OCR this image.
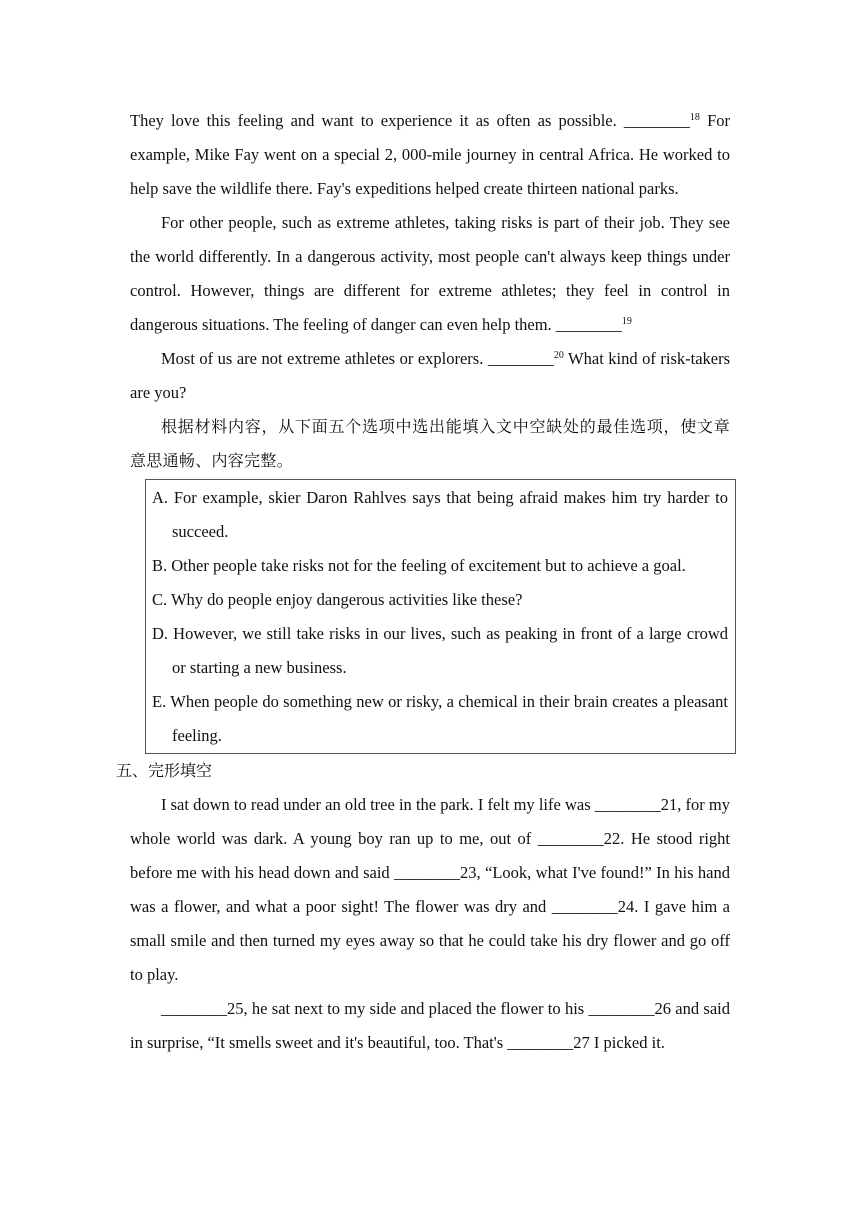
They love this feeling and want to experience it as often as possible. ________$^{18}$ For example, Mike Fay went on a special 2, 000-mile journey in central Africa. He worked to help save the wildlife there. Fay's expeditions helped create thirteen national parks.

For other people, such as extreme athletes, taking risks is part of their job. They see the world differently. In a dangerous activity, most people can't always keep things under control. However, things are different for extreme athletes; they feel in control in dangerous situations. The feeling of danger can even help them. ________$^{19}$

Most of us are not extreme athletes or explorers. ________$^{20}$ What kind of risk-takers are you?

根据材料内容，从下面五个选项中选出能填入文中空缺处的最佳选项，使文章意思通畅、内容完整。

A. For example, skier Daron Rahlves says that being afraid makes him try harder to succeed.
B. Other people take risks not for the feeling of excitement but to achieve a goal.
C. Why do people enjoy dangerous activities like these?
D. However, we still take risks in our lives, such as peaking in front of a large crowd or starting a new business.
E. When people do something new or risky, a chemical in their brain creates a pleasant feeling.

五、完形填空

I sat down to read under an old tree in the park. I felt my life was ________21, for my whole world was dark. A young boy ran up to me, out of ________22. He stood right before me with his head down and said ________23, “Look, what I've found!” In his hand was a flower, and what a poor sight! The flower was dry and ________24. I gave him a small smile and then turned my eyes away so that he could take his dry flower and go off to play.

________25, he sat next to my side and placed the flower to his ________26 and said in surprise, “It smells sweet and it's beautiful, too. That's ________27 I picked it.
